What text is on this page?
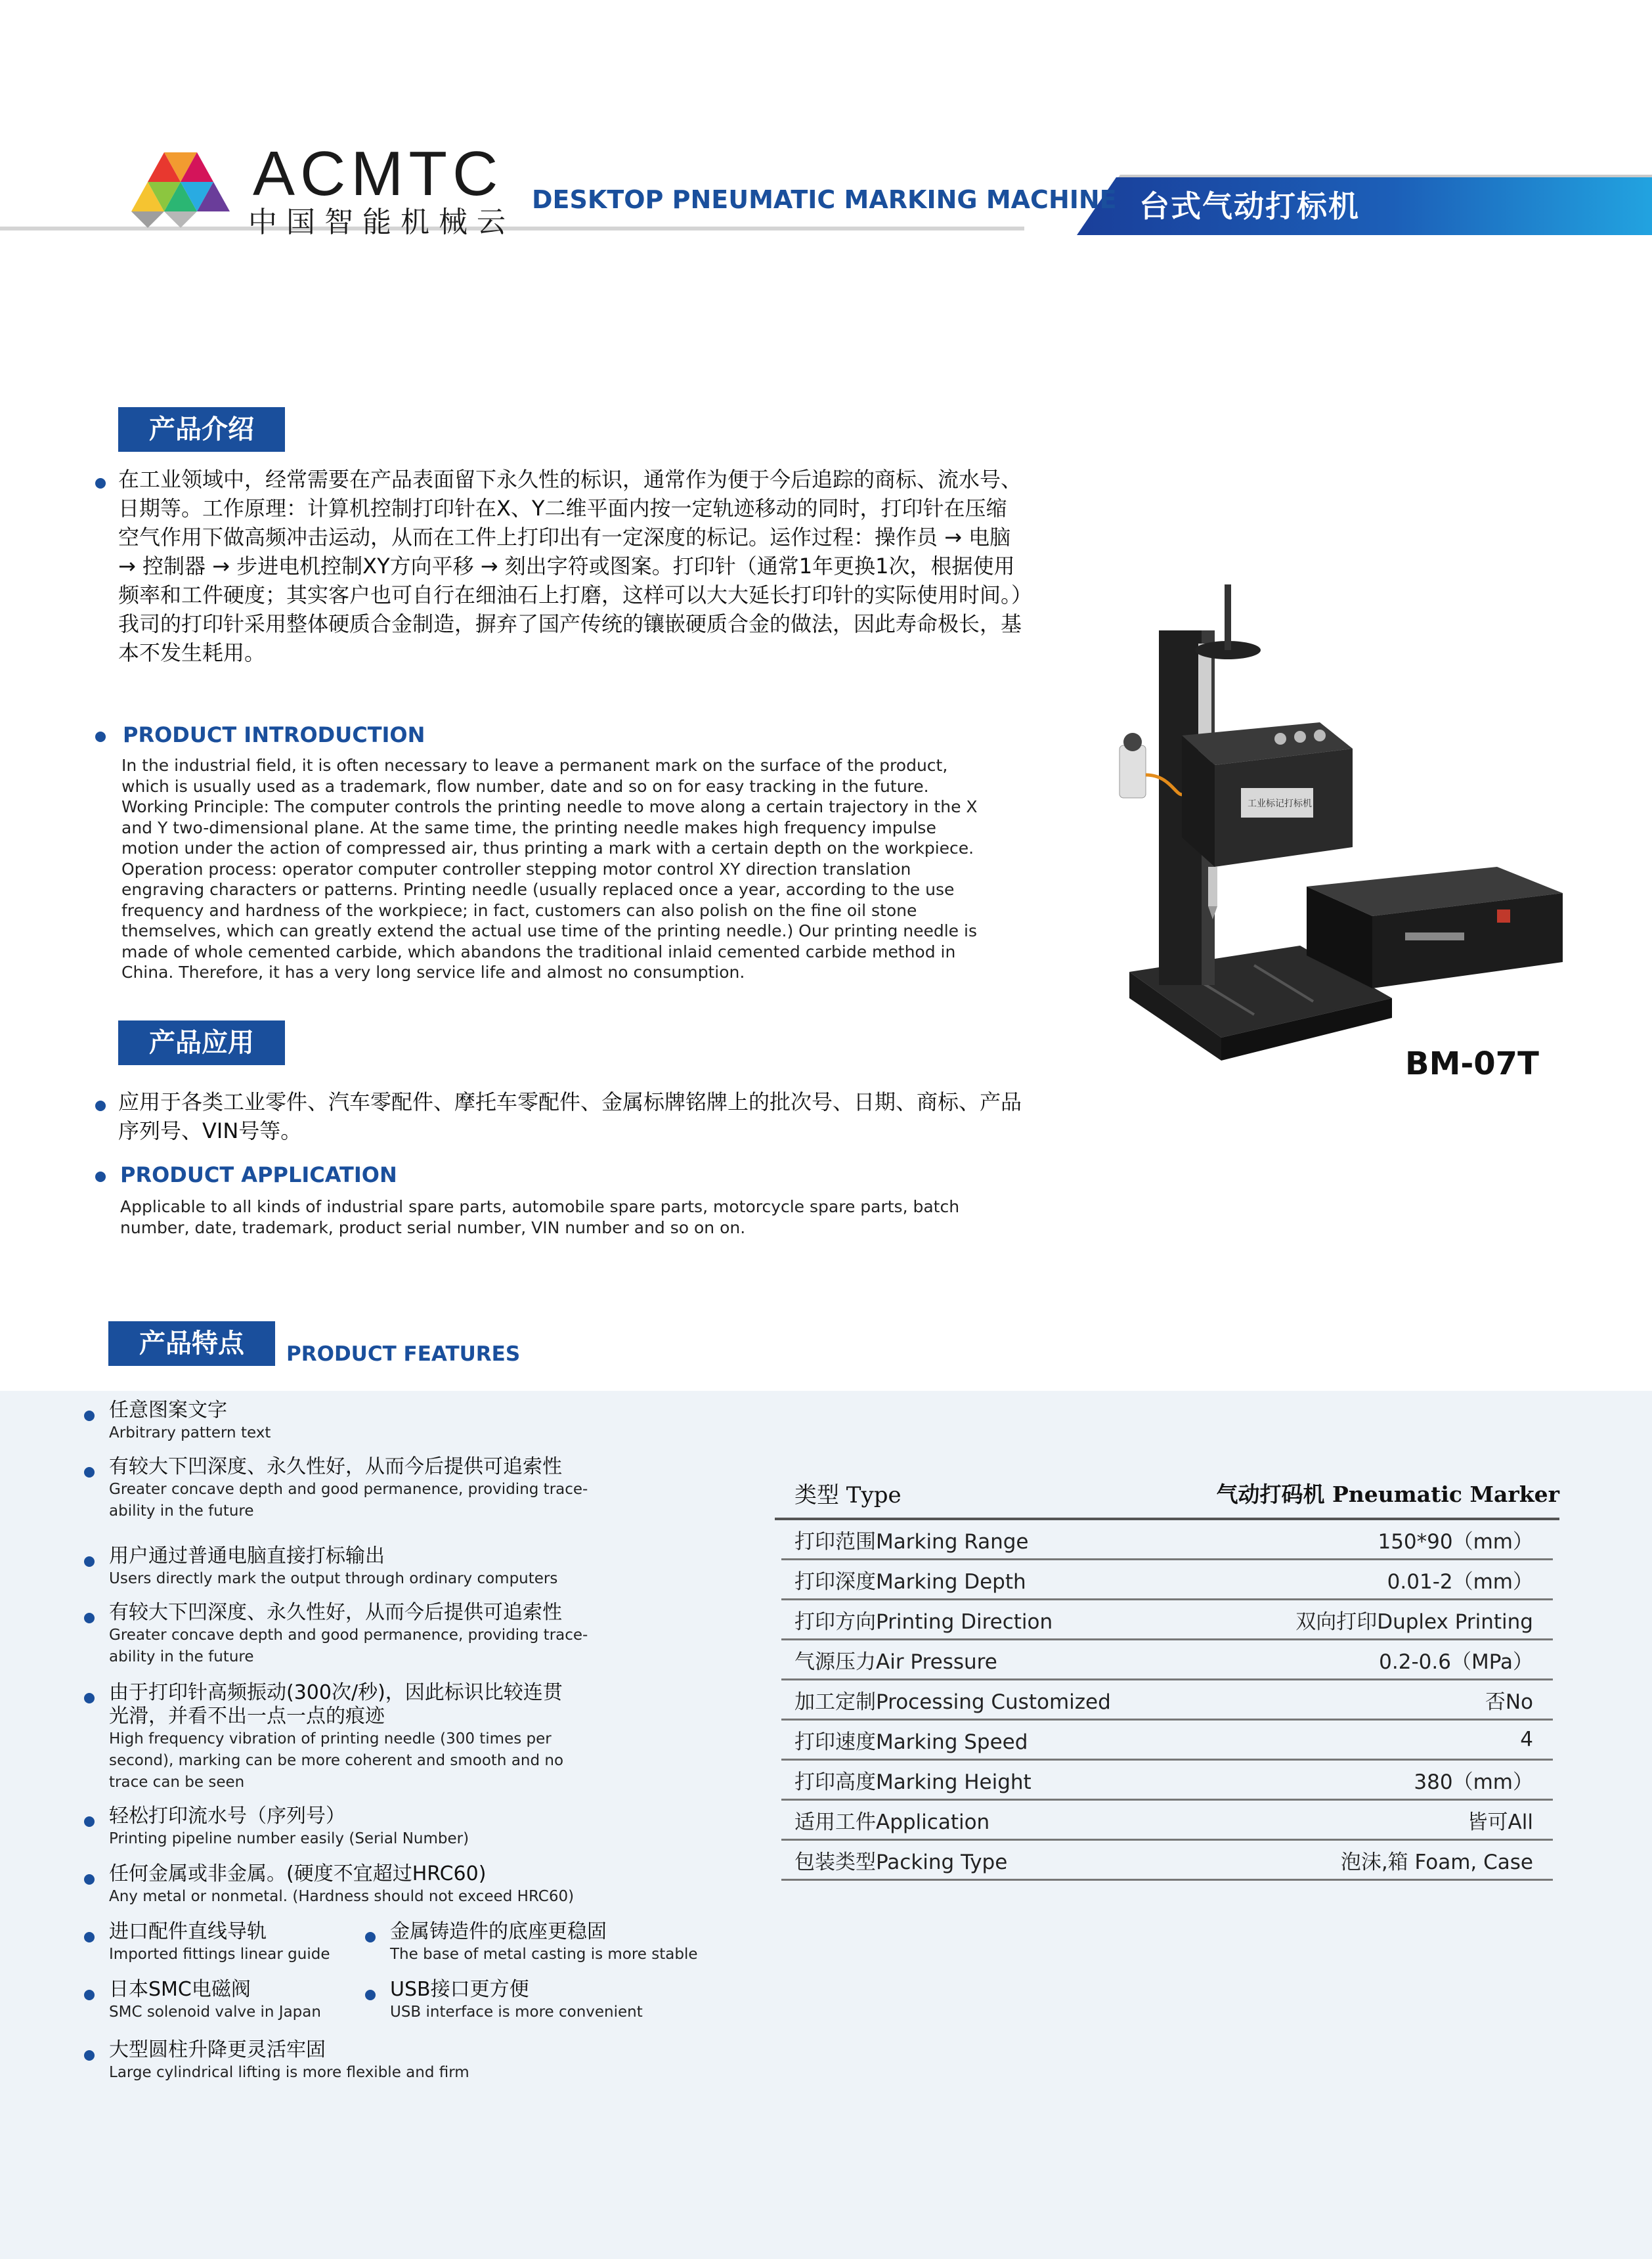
ACMTC
中国智能机械云
DESKTOP PNEUMATIC MARKING MACHINE 台式气动打标机
产品介绍
在工业领域中，经常需要在产品表面留下永久性的标识，通常作为便于今后追踪的商标、流水号、日期等。工作原理：计算机控制打印针在X、Y二维平面内按一定轨迹移动的同时，打印针在压缩空气作用下做高频冲击运动，从而在工件上打印出有一定深度的标记。运作过程：操作员 → 电脑 → 控制器 → 步进电机控制XY方向平移 → 刻出字符或图案。打印针（通常1年更换1次，根据使用频率和工件硬度；其实客户也可自行在细油石上打磨，这样可以大大延长打印针的实际使用时间。）我司的打印针采用整体硬质合金制造，摒弃了国产传统的镶嵌硬质合金的做法，因此寿命极长，基本不发生耗用。
PRODUCT INTRODUCTION
In the industrial field, it is often necessary to leave a permanent mark on the surface of the product, which is usually used as a trademark, flow number, date and so on for easy tracking in the future. Working Principle: The computer controls the printing needle to move along a certain trajectory in the X and Y two-dimensional plane. At the same time, the printing needle makes high frequency impulse motion under the action of compressed air, thus printing a mark with a certain depth on the workpiece. Operation process: operator computer controller stepping motor control XY direction translation engraving characters or patterns. Printing needle (usually replaced once a year, according to the use frequency and hardness of the workpiece; in fact, customers can also polish on the fine oil stone themselves, which can greatly extend the actual use time of the printing needle.) Our printing needle is made of whole cemented carbide, which abandons the traditional inlaid cemented carbide method in China. Therefore, it has a very long service life and almost no consumption.
产品应用
应用于各类工业零件、汽车零配件、摩托车零配件、金属标牌铭牌上的批次号、日期、商标、产品序列号、VIN号等。
PRODUCT APPLICATION
Applicable to all kinds of industrial spare parts, automobile spare parts, motorcycle spare parts, batch number, date, trademark, product serial number, VIN number and so on on.
工业标记打标机
BM-07T
产品特点	PRODUCT FEATURES
任意图案文字
Arbitrary pattern text
有较大下凹深度、永久性好，从而今后提供可追索性
Greater concave depth and good permanence, providing trace-ability in the future
用户通过普通电脑直接打标输出
Users directly mark the output through ordinary computers
有较大下凹深度、永久性好，从而今后提供可追索性
Greater concave depth and good permanence, providing trace-ability in the future
由于打印针高频振动(300次/秒)，因此标识比较连贯光滑，并看不出一点一点的痕迹
High frequency vibration of printing needle (300 times per second), marking can be more coherent and smooth and no trace can be seen
轻松打印流水号（序列号）
Printing pipeline number easily (Serial Number)
任何金属或非金属。(硬度不宜超过HRC60)
Any metal or nonmetal. (Hardness should not exceed HRC60)
进口配件直线导轨
Imported fittings linear guide
金属铸造件的底座更稳固
The base of metal casting is more stable
日本SMC电磁阀
SMC solenoid valve in Japan
USB接口更方便
USB interface is more convenient
大型圆柱升降更灵活牢固
Large cylindrical lifting is more flexible and firm
类型 Type	气动打码机 Pneumatic Marker
打印范围Marking Range	150*90（mm）
打印深度Marking Depth	0.01-2（mm）
打印方向Printing Direction	双向打印Duplex Printing
气源压力Air Pressure	0.2-0.6（MPa）
加工定制Processing Customized	否No
打印速度Marking Speed	4
打印高度Marking Height	380（mm）
适用工件Application	皆可All
包装类型Packing Type	泡沫,箱 Foam, Case
